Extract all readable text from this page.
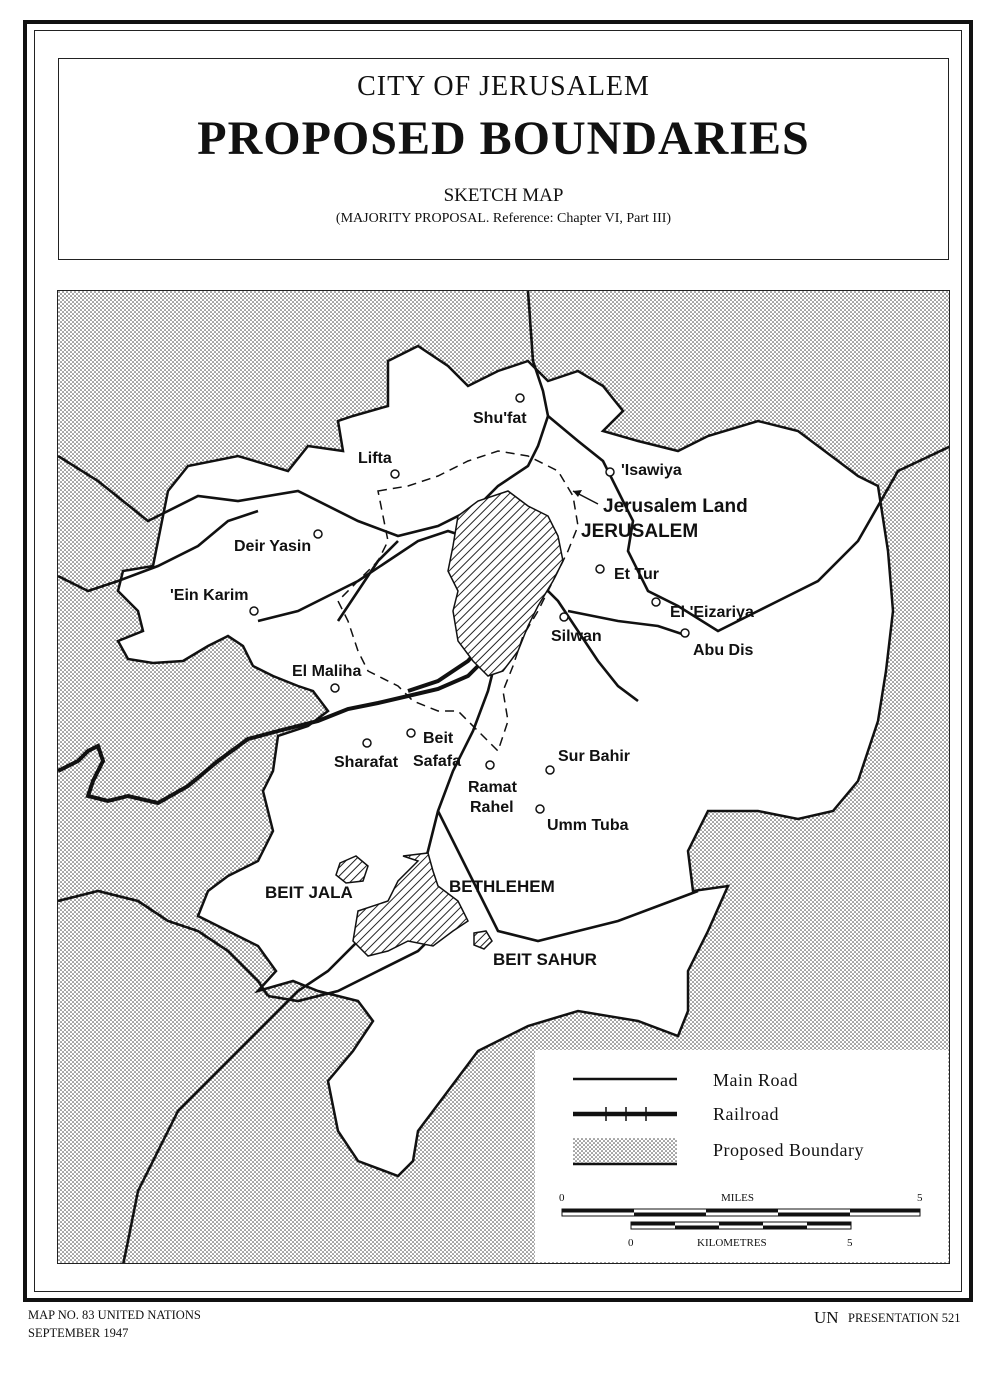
CITY OF JERUSALEM
PROPOSED BOUNDARIES
SKETCH MAP
(MAJORITY PROPOSAL. Reference: Chapter VI, Part III)
Shu'fat
Lifta
'Isawiya
Jerusalem Land
JERUSALEM
Deir Yasin
Et Tur
'Ein Karim
El 'Eizariya
Silwan
Abu Dis
El Maliha
Beit
Safafa
Sharafat	Sur Bahir
Ramat
Rahel
Umm Tuba
BEIT JALA	BETHLEHEM
BEIT SAHUR
Main Road
Railroad
Proposed Boundary
0	MILES	5
0	KILOMETRES	5
MAP NO. 83 UNITED NATIONS
SEPTEMBER 1947
UN PRESENTATION 521
